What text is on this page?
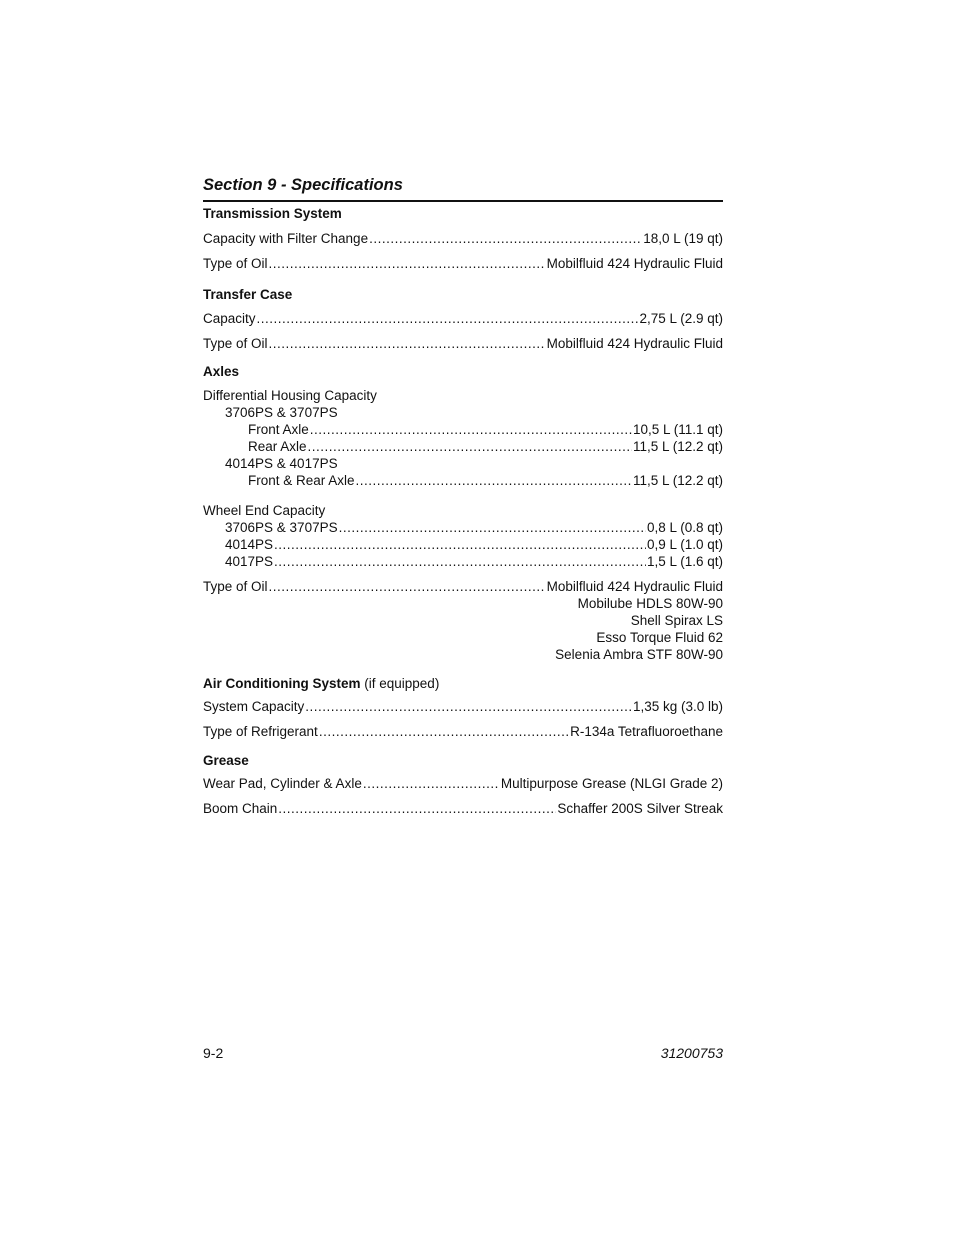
Section 9 - Specifications
Transmission System
Capacity with Filter Change .....	18,0 L (19 qt)
Type of Oil .....	Mobilfluid 424 Hydraulic Fluid
Transfer Case
Capacity .....	2,75 L (2.9 qt)
Type of Oil .....	Mobilfluid 424 Hydraulic Fluid
Axles
Differential Housing Capacity
3706PS & 3707PS
Front Axle .....	10,5 L (11.1 qt)
Rear Axle .....	11,5 L (12.2 qt)
4014PS & 4017PS
Front & Rear Axle .....	11,5 L (12.2 qt)
Wheel End Capacity
3706PS & 3707PS .....	0,8 L (0.8 qt)
4014PS .....	0,9 L (1.0 qt)
4017PS .....	1,5 L (1.6 qt)
Type of Oil .....	Mobilfluid 424 Hydraulic Fluid
Mobilube HDLS 80W-90
Shell Spirax LS
Esso Torque Fluid 62
Selenia Ambra STF 80W-90
Air Conditioning System (if equipped)
System Capacity .....	1,35 kg (3.0 lb)
Type of Refrigerant .....	R-134a Tetrafluoroethane
Grease
Wear Pad, Cylinder & Axle .....	Multipurpose Grease (NLGI Grade 2)
Boom Chain .....	Schaffer 200S Silver Streak
9-2	31200753
